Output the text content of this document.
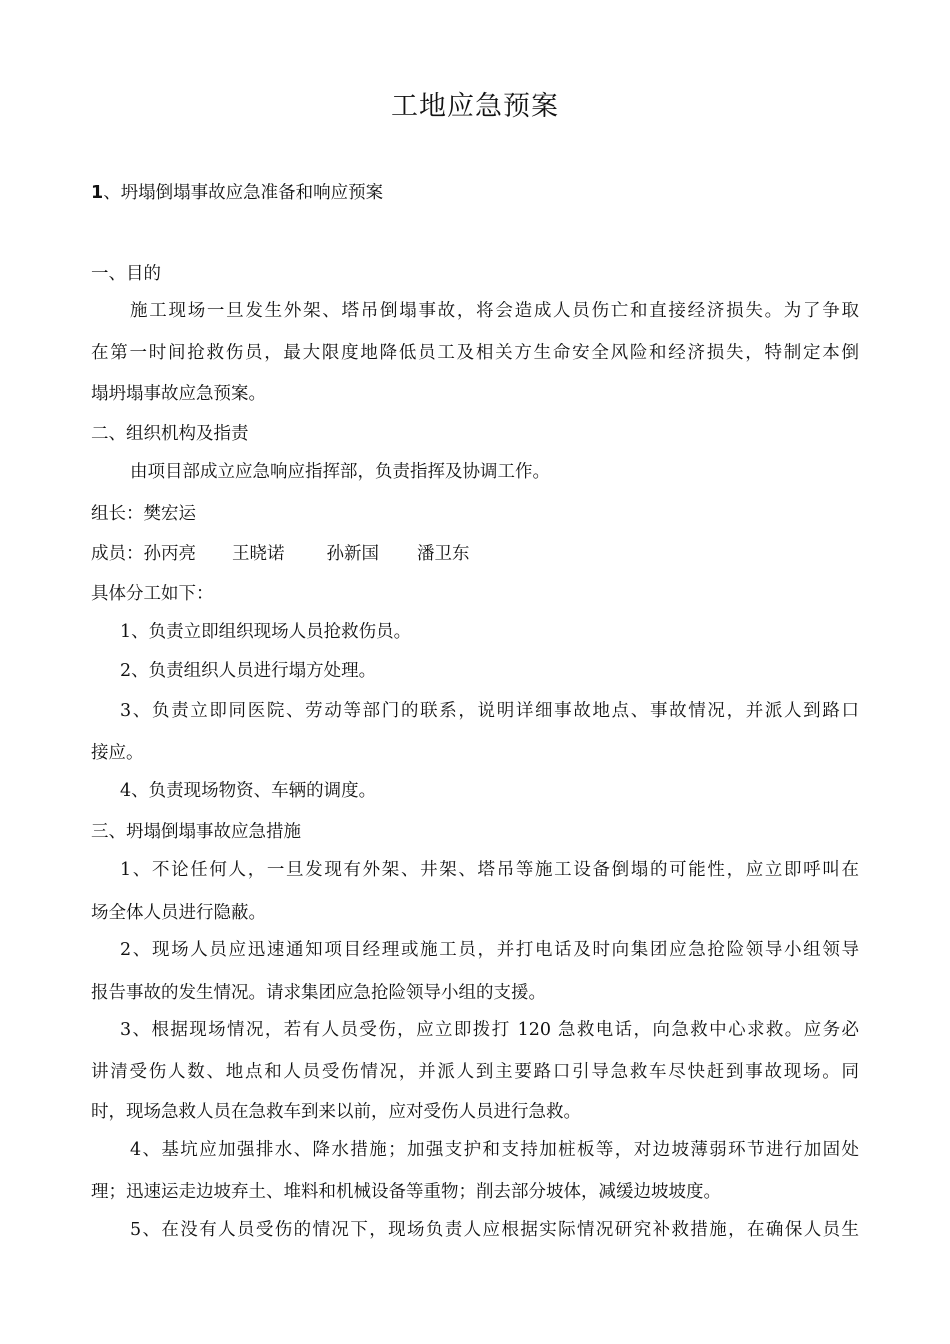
工地应急预案
1、坍塌倒塌事故应急准备和响应预案
一、目的
施工现场一旦发生外架、塔吊倒塌事故，将会造成人员伤亡和直接经济损失。为了争取
在第一时间抢救伤员，最大限度地降低员工及相关方生命安全风险和经济损失，特制定本倒
塌坍塌事故应急预案。
二、组织机构及指责
由项目部成立应急响应指挥部，负责指挥及协调工作。
组长：樊宏运
成员：孙丙亮 王晓诺 孙新国 潘卫东
具体分工如下：
1、负责立即组织现场人员抢救伤员。
2、负责组织人员进行塌方处理。
3、负责立即同医院、劳动等部门的联系，说明详细事故地点、事故情况，并派人到路口
接应。
4、负责现场物资、车辆的调度。
三、坍塌倒塌事故应急措施
1、不论任何人，一旦发现有外架、井架、塔吊等施工设备倒塌的可能性，应立即呼叫在
场全体人员进行隐蔽。
2、现场人员应迅速通知项目经理或施工员，并打电话及时向集团应急抢险领导小组领导
报告事故的发生情况。请求集团应急抢险领导小组的支援。
3、根据现场情况，若有人员受伤，应立即拨打 120 急救电话，向急救中心求救。应务必
讲清受伤人数、地点和人员受伤情况，并派人到主要路口引导急救车尽快赶到事故现场。同
时，现场急救人员在急救车到来以前，应对受伤人员进行急救。
4、基坑应加强排水、降水措施；加强支护和支持加桩板等，对边坡薄弱环节进行加固处
理；迅速运走边坡弃土、堆料和机械设备等重物；削去部分坡体，减缓边坡坡度。
5、在没有人员受伤的情况下，现场负责人应根据实际情况研究补救措施，在确保人员生
